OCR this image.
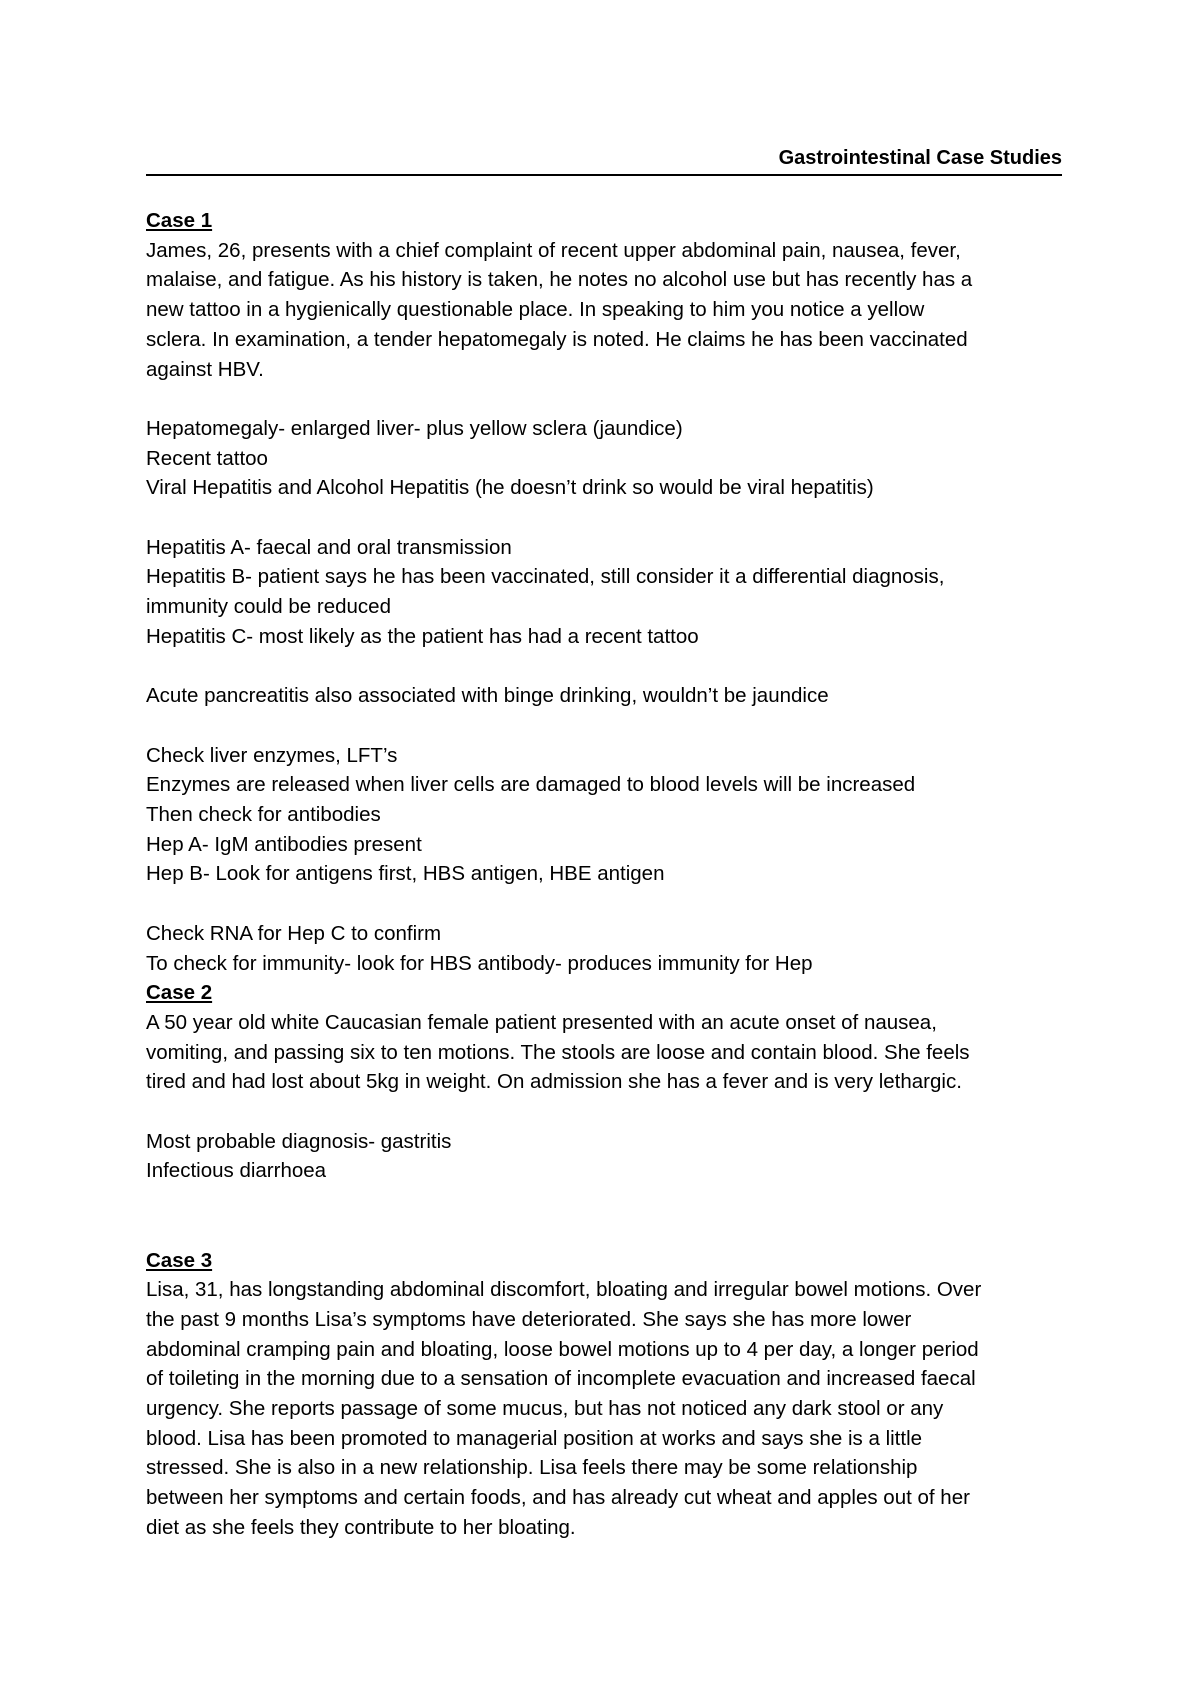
Gastrointestinal Case Studies
Case 1
James, 26, presents with a chief complaint of recent upper abdominal pain, nausea, fever,
malaise, and fatigue. As his history is taken, he notes no alcohol use but has recently has a
new tattoo in a hygienically questionable place. In speaking to him you notice a yellow
sclera. In examination, a tender hepatomegaly is noted. He claims he has been vaccinated
against HBV.
Hepatomegaly- enlarged liver- plus yellow sclera (jaundice)
Recent tattoo
Viral Hepatitis and Alcohol Hepatitis (he doesn’t drink so would be viral hepatitis)
Hepatitis A- faecal and oral transmission
Hepatitis B- patient says he has been vaccinated, still consider it a differential diagnosis,
immunity could be reduced
Hepatitis C- most likely as the patient has had a recent tattoo
Acute pancreatitis also associated with binge drinking, wouldn’t be jaundice
Check liver enzymes, LFT’s
Enzymes are released when liver cells are damaged to blood levels will be increased
Then check for antibodies
Hep A- IgM antibodies present
Hep B- Look for antigens first, HBS antigen, HBE antigen
Check RNA for Hep C to confirm
To check for immunity- look for HBS antibody- produces immunity for Hep
Case 2
A 50 year old white Caucasian female patient presented with an acute onset of nausea,
vomiting, and passing six to ten motions. The stools are loose and contain blood. She feels
tired and had lost about 5kg in weight. On admission she has a fever and is very lethargic.
Most probable diagnosis- gastritis
Infectious diarrhoea
Case 3
Lisa, 31, has longstanding abdominal discomfort, bloating and irregular bowel motions. Over
the past 9 months Lisa’s symptoms have deteriorated. She says she has more lower
abdominal cramping pain and bloating, loose bowel motions up to 4 per day, a longer period
of toileting in the morning due to a sensation of incomplete evacuation and increased faecal
urgency. She reports passage of some mucus, but has not noticed any dark stool or any
blood. Lisa has been promoted to managerial position at works and says she is a little
stressed. She is also in a new relationship. Lisa feels there may be some relationship
between her symptoms and certain foods, and has already cut wheat and apples out of her
diet as she feels they contribute to her bloating.
